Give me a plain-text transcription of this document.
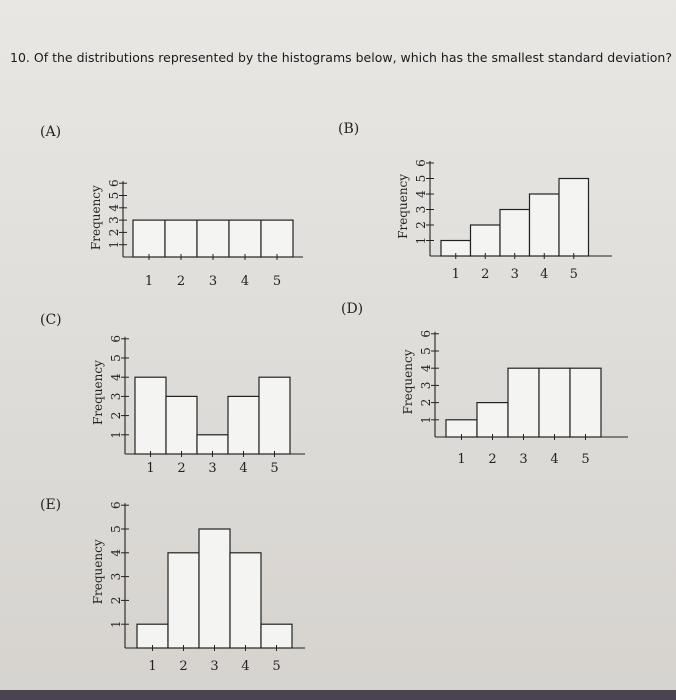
10. Of the distributions represented by the histograms below, which has the smallest standard deviation?
(A)	(B)
(C)
(D)
(E)
1
2
3
4
5
6
Frequency
1 2 3 4 5
1
2
3
4
5
6
Frequency
1 2 3 4 5
1
2
3
4
5
6
Frequency
1 2 3 4 5
1
2
3
4
5
6
Frequency
1 2 3 4 5
1
2
3
4
5
6
Frequency
1 2 3 4 5
